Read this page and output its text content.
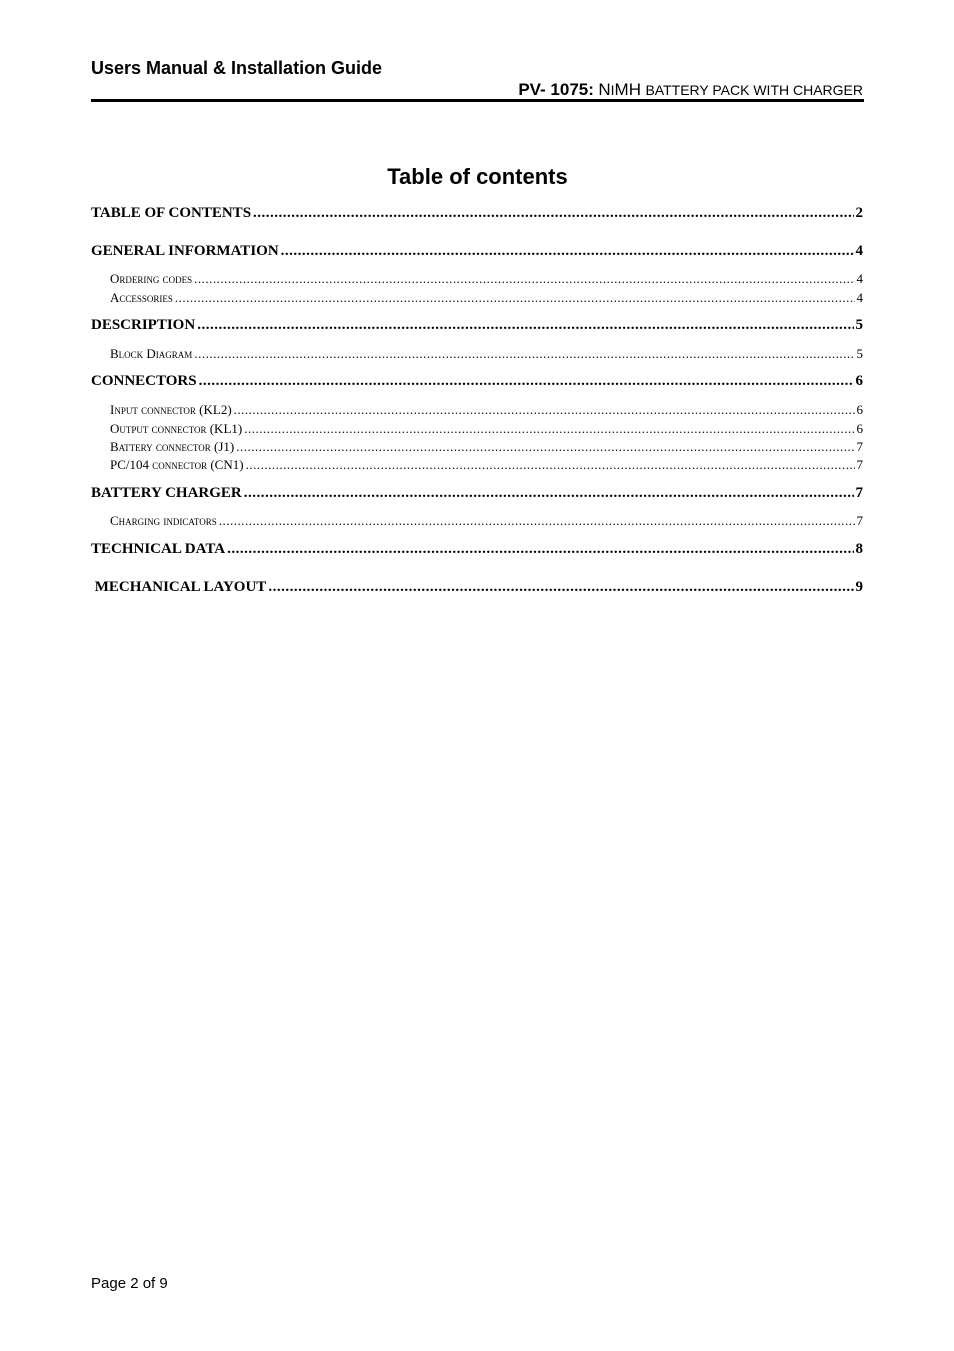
Users Manual & Installation Guide
PV- 1075: NIMH BATTERY PACK WITH CHARGER
Table of contents
TABLE OF CONTENTS .....	2
GENERAL INFORMATION .....	4
Ordering codes .....	4
Accessories .....	4
DESCRIPTION .....	5
Block Diagram .....	5
CONNECTORS .....	6
Input connector (KL2) .....	6
Output connector (KL1) .....	6
Battery connector (J1) .....	7
PC/104 connector (CN1) .....	7
BATTERY CHARGER .....	7
Charging indicators .....	7
TECHNICAL DATA .....	8
MECHANICAL LAYOUT .....	9
Page 2 of 9
